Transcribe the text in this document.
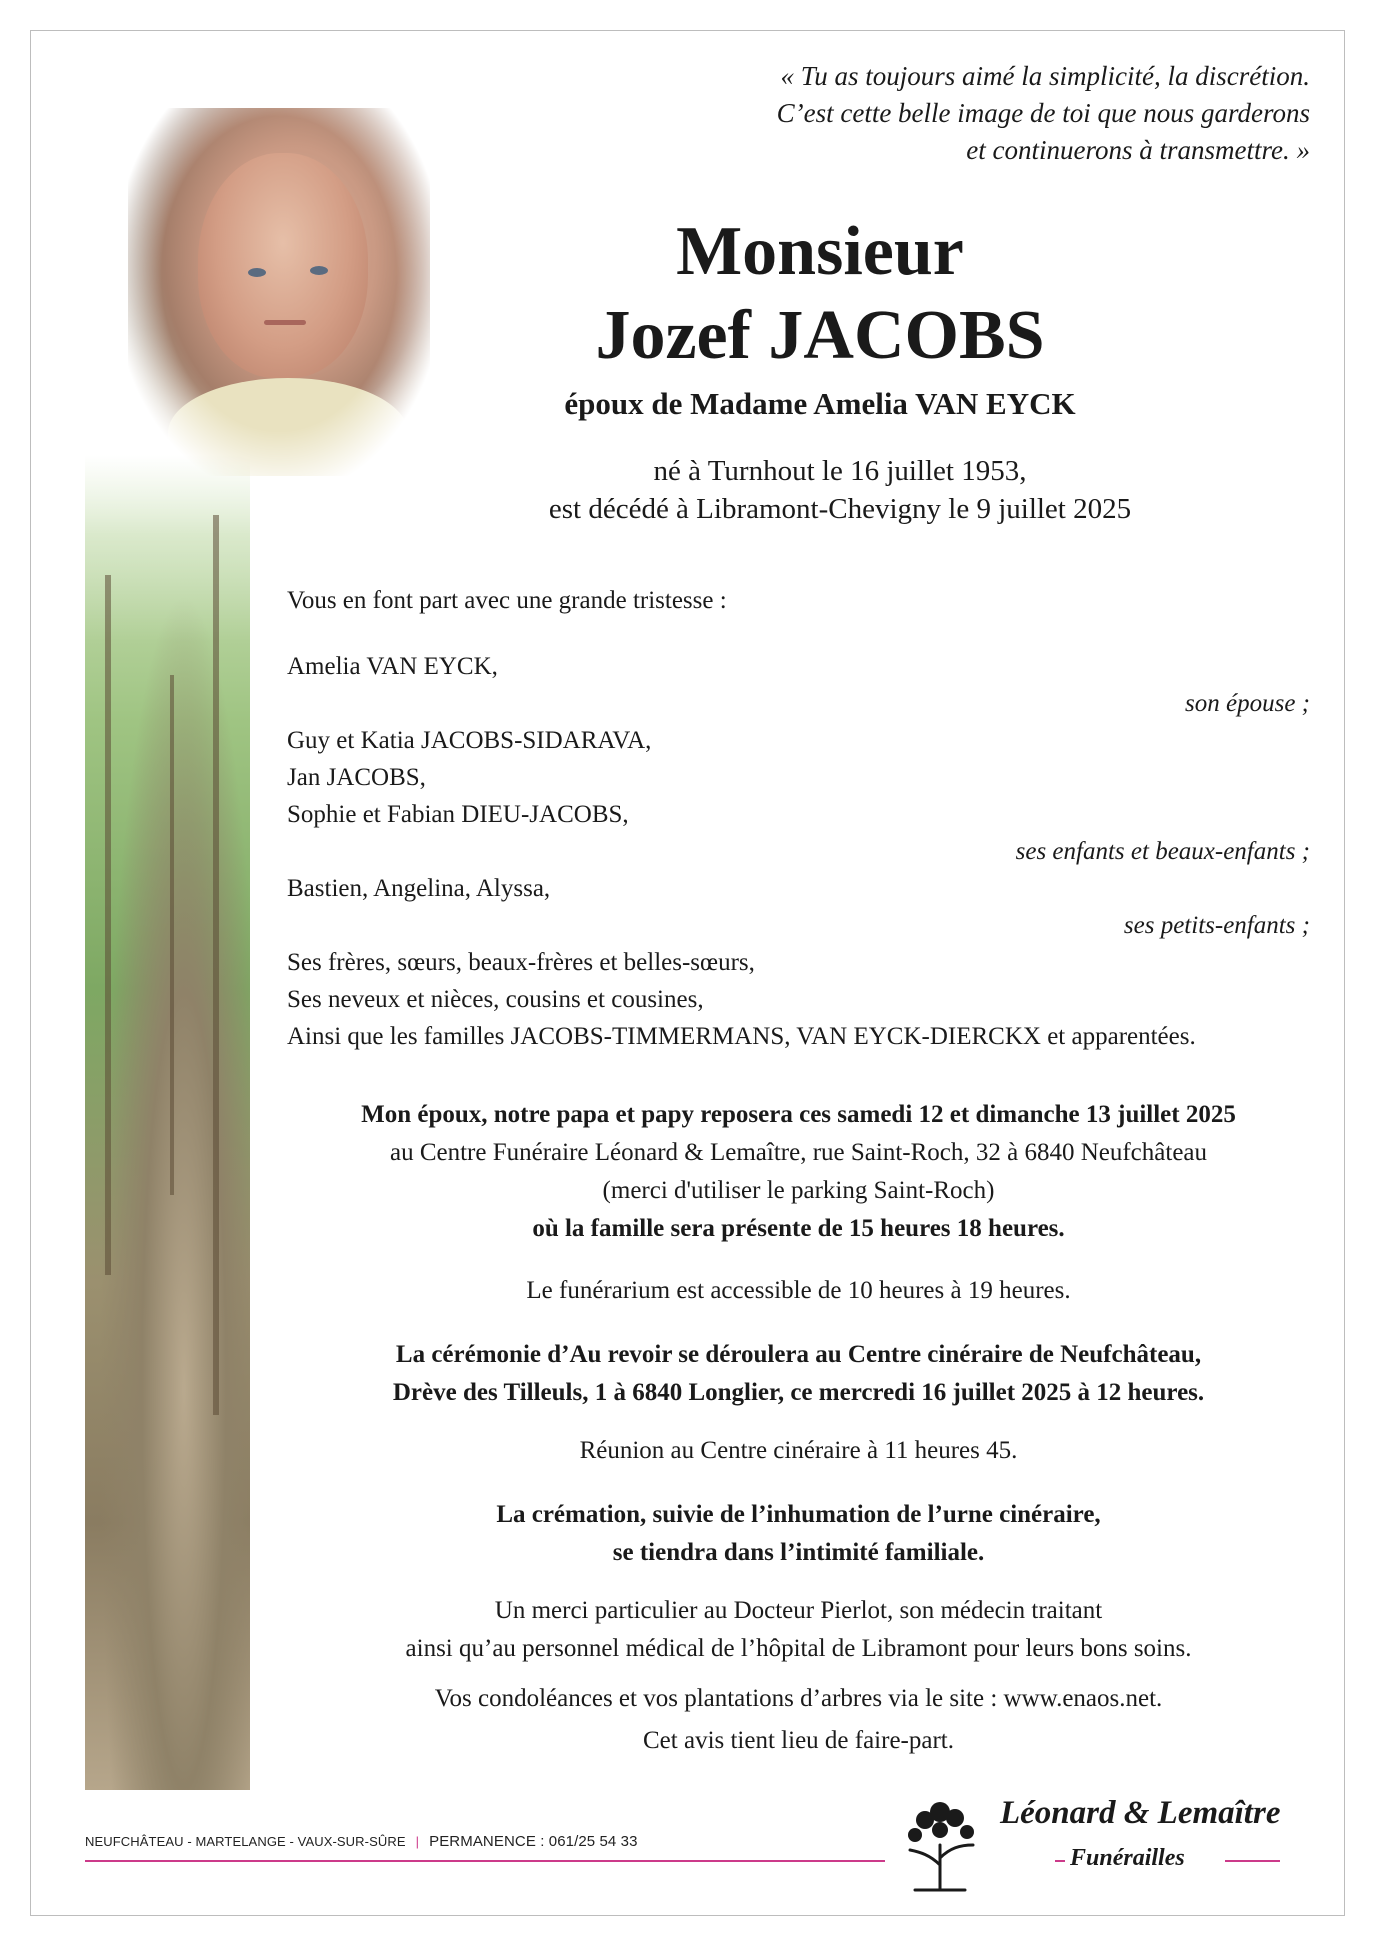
« Tu as toujours aimé la simplicité, la discrétion.
C’est cette belle image de toi que nous garderons
et continuerons à transmettre. »
Monsieur
Jozef JACOBS
époux de Madame Amelia VAN EYCK
né à Turnhout le 16 juillet 1953,
est décédé à Libramont-Chevigny le 9 juillet 2025
Vous en font part avec une grande tristesse :
Amelia VAN EYCK,
son épouse ;
Guy et Katia JACOBS-SIDARAVA,
Jan JACOBS,
Sophie et Fabian DIEU-JACOBS,
ses enfants et beaux-enfants ;
Bastien, Angelina, Alyssa,
ses petits-enfants ;
Ses frères, sœurs, beaux-frères et belles-sœurs,
Ses neveux et nièces, cousins et cousines,
Ainsi que les familles JACOBS-TIMMERMANS, VAN EYCK-DIERCKX et apparentées.
Mon époux, notre papa et papy reposera ces samedi 12 et dimanche 13 juillet 2025
au Centre Funéraire Léonard & Lemaître, rue Saint-Roch, 32 à 6840 Neufchâteau
(merci d'utiliser le parking Saint-Roch)
où la famille sera présente de 15 heures 18 heures.
Le funérarium est accessible de 10 heures à 19 heures.
La cérémonie d’Au revoir se déroulera au Centre cinéraire de Neufchâteau,
Drève des Tilleuls, 1 à 6840 Longlier, ce mercredi 16 juillet 2025 à 12 heures.
Réunion au Centre cinéraire à 11 heures 45.
La crémation, suivie de l’inhumation de l’urne cinéraire,
se tiendra dans l’intimité familiale.
Un merci particulier au Docteur Pierlot, son médecin traitant
ainsi qu’au personnel médical de l’hôpital de Libramont pour leurs bons soins.
Vos condoléances et vos plantations d’arbres via le site : www.enaos.net.
Cet avis tient lieu de faire-part.
NEUFCHÂTEAU - MARTELANGE - VAUX-SUR-SÛRE | PERMANENCE : 061/25 54 33
Léonard & Lemaître
Funérailles
